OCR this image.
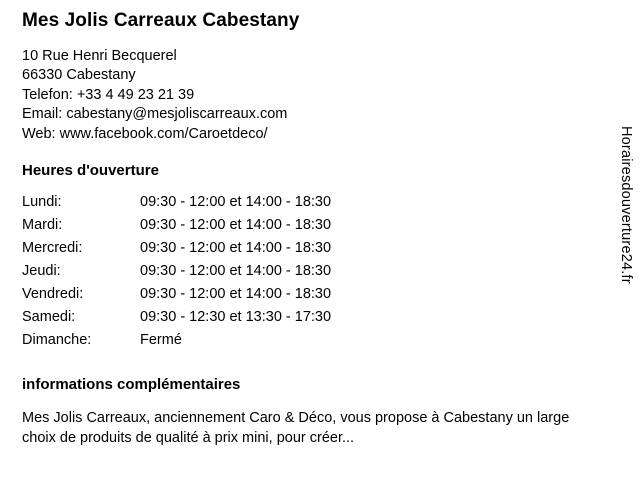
Mes Jolis Carreaux Cabestany
10 Rue Henri Becquerel
66330 Cabestany
Telefon: +33 4 49 23 21 39
Email: cabestany@mesjoliscarreaux.com
Web: www.facebook.com/Caroetdeco/
Heures d'ouverture
Lundi:	09:30 - 12:00 et 14:00 - 18:30
Mardi:	09:30 - 12:00 et 14:00 - 18:30
Mercredi:	09:30 - 12:00 et 14:00 - 18:30
Jeudi:	09:30 - 12:00 et 14:00 - 18:30
Vendredi:	09:30 - 12:00 et 14:00 - 18:30
Samedi:	09:30 - 12:30 et 13:30 - 17:30
Dimanche:	Fermé
informations complémentaires

Mes Jolis Carreaux, anciennement Caro & Déco, vous propose à Cabestany un large choix de produits de qualité à prix mini, pour créer...

Horairesdouverture24.fr
